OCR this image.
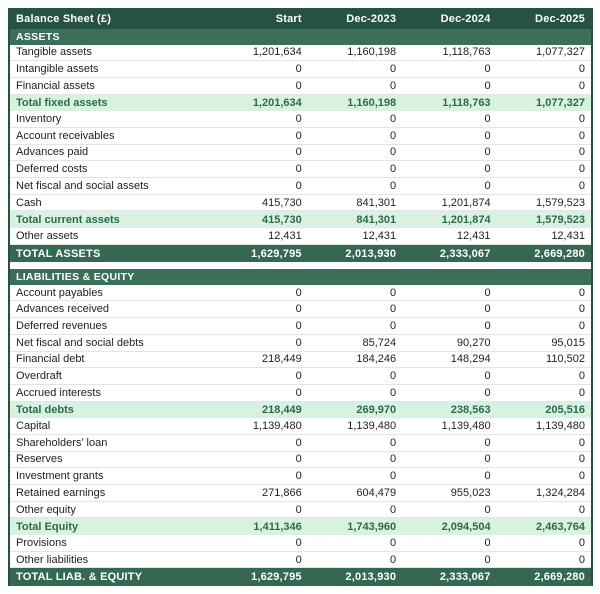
Balance Sheet (£)	Start	Dec-2023	Dec-2024	Dec-2025
ASSETS
Tangible assets	1,201,634	1,160,198	1,118,763	1,077,327
Intangible assets	0	0	0	0
Financial assets	0	0	0	0
Total fixed assets	1,201,634	1,160,198	1,118,763	1,077,327
Inventory	0	0	0	0
Account receivables	0	0	0	0
Advances paid	0	0	0	0
Deferred costs	0	0	0	0
Net fiscal and social assets	0	0	0	0
Cash	415,730	841,301	1,201,874	1,579,523
Total current assets	415,730	841,301	1,201,874	1,579,523
Other assets	12,431	12,431	12,431	12,431
TOTAL ASSETS	1,629,795	2,013,930	2,333,067	2,669,280
LIABILITIES & EQUITY
Account payables	0	0	0	0
Advances received	0	0	0	0
Deferred revenues	0	0	0	0
Net fiscal and social debts	0	85,724	90,270	95,015
Financial debt	218,449	184,246	148,294	110,502
Overdraft	0	0	0	0
Accrued interests	0	0	0	0
Total debts	218,449	269,970	238,563	205,516
Capital	1,139,480	1,139,480	1,139,480	1,139,480
Shareholders’ loan	0	0	0	0
Reserves	0	0	0	0
Investment grants	0	0	0	0
Retained earnings	271,866	604,479	955,023	1,324,284
Other equity	0	0	0	0
Total Equity	1,411,346	1,743,960	2,094,504	2,463,764
Provisions	0	0	0	0
Other liabilities	0	0	0	0
TOTAL LIAB. & EQUITY	1,629,795	2,013,930	2,333,067	2,669,280
